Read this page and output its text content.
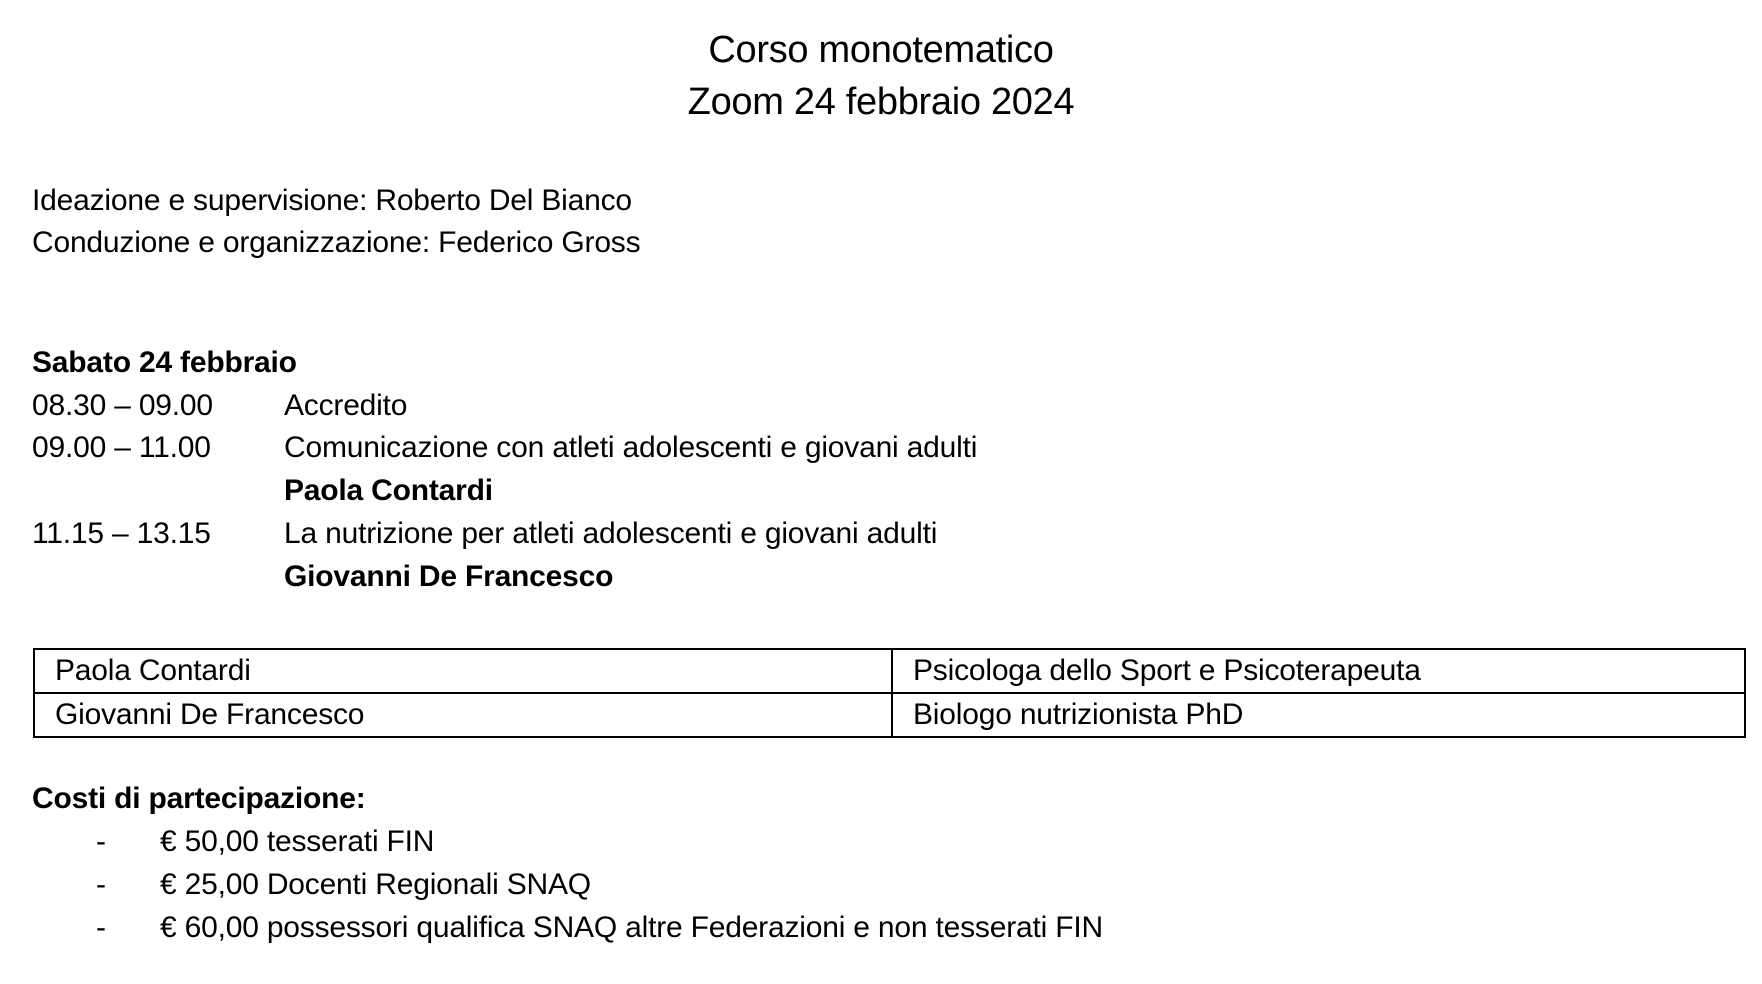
Corso monotematico
Zoom 24 febbraio 2024
Ideazione e supervisione: Roberto Del Bianco
Conduzione e organizzazione: Federico Gross
Sabato 24 febbraio
08.30 – 09.00 Accredito
09.00 – 11.00 Comunicazione con atleti adolescenti e giovani adulti
Paola Contardi
11.15 – 13.15 La nutrizione per atleti adolescenti e giovani adulti
Giovanni De Francesco
Paola Contardi	Psicologa dello Sport e Psicoterapeuta
Giovanni De Francesco	Biologo nutrizionista PhD
Costi di partecipazione:
- € 50,00 tesserati FIN
- € 25,00 Docenti Regionali SNAQ
- € 60,00 possessori qualifica SNAQ altre Federazioni e non tesserati FIN
